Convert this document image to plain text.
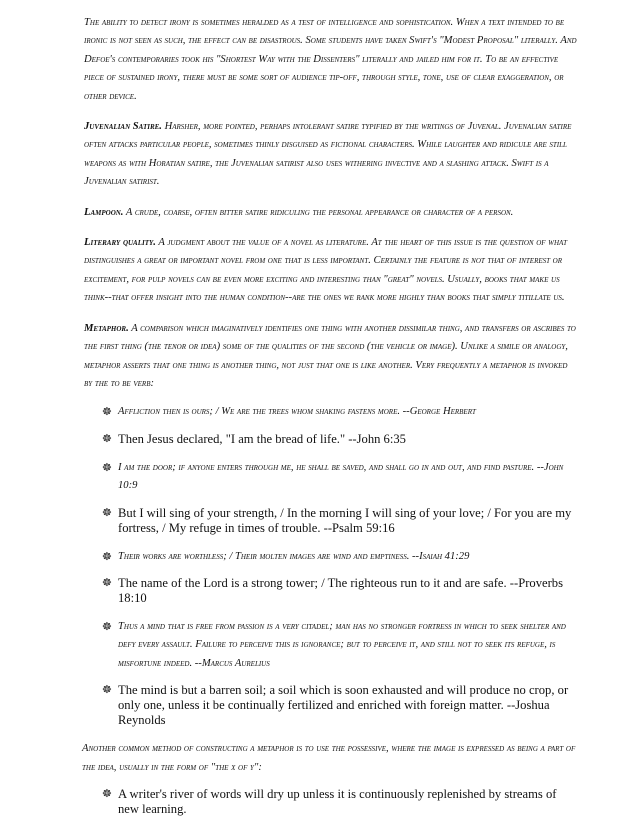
The ability to detect irony is sometimes heralded as a test of intelligence and sophistication. When a text intended to be ironic is not seen as such, the effect can be disastrous. Some students have taken Swift's "Modest Proposal" literally. And Defoe's contemporaries took his "Shortest Way with the Dissenters" literally and jailed him for it. To be an effective piece of sustained irony, there must be some sort of audience tip-off, through style, tone, use of clear exaggeration, or other device.

Juvenalian Satire. Harsher, more pointed, perhaps intolerant satire typified by the writings of Juvenal. Juvenalian satire often attacks particular people, sometimes thinly disguised as fictional characters. While laughter and ridicule are still weapons as with Horatian satire, the Juvenalian satirist also uses withering invective and a slashing attack. Swift is a Juvenalian satirist.

Lampoon. A crude, coarse, often bitter satire ridiculing the personal appearance or character of a person.

Literary quality. A judgment about the value of a novel as literature. At the heart of this issue is the question of what distinguishes a great or important novel from one that is less important. Certainly the feature is not that of interest or excitement, for pulp novels can be even more exciting and interesting than "great" novels. Usually, books that make us think--that offer insight into the human condition--are the ones we rank more highly than books that simply titillate us.

Metaphor. A comparison which imaginatively identifies one thing with another dissimilar thing, and transfers or ascribes to the first thing (the tenor or idea) some of the qualities of the second (the vehicle or image). Unlike a simile or analogy, metaphor asserts that one thing is another thing, not just that one is like another. Very frequently a metaphor is invoked by the to be verb:

☸ Affliction then is ours; / We are the trees whom shaking fastens more. --George Herbert
☸ Then Jesus declared, "I am the bread of life." --John 6:35
☸ I am the door; if anyone enters through me, he shall be saved, and shall go in and out, and find pasture. --John 10:9
☸ But I will sing of your strength, / In the morning I will sing of your love; / For you are my fortress, / My refuge in times of trouble. --Psalm 59:16
☸ Their works are worthless; / Their molten images are wind and emptiness. --Isaiah 41:29
☸ The name of the Lord is a strong tower; / The righteous run to it and are safe. --Proverbs 18:10
☸ Thus a mind that is free from passion is a very citadel; man has no stronger fortress in which to seek shelter and defy every assault. Failure to perceive this is ignorance; but to perceive it, and still not to seek its refuge, is misfortune indeed. --Marcus Aurelius
☸ The mind is but a barren soil; a soil which is soon exhausted and will produce no crop, or only one, unless it be continually fertilized and enriched with foreign matter. --Joshua Reynolds

Another common method of constructing a metaphor is to use the possessive, where the image is expressed as being a part of the idea, usually in the form of "the x of y":

☸ A writer's river of words will dry up unless it is continuously replenished by streams of new learning.
